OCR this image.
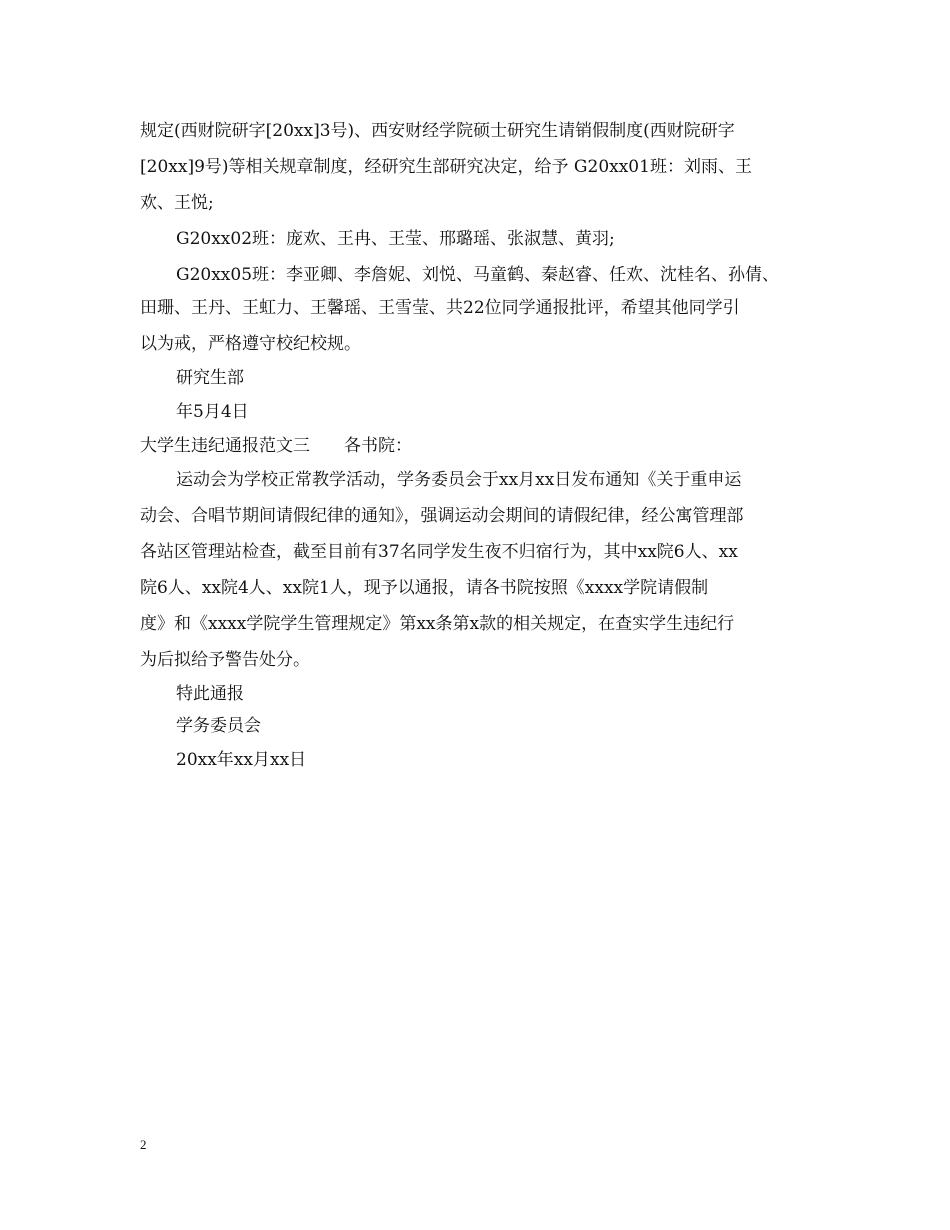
规定(西财院研字[20xx]3号)、西安财经学院硕士研究生请销假制度(西财院研字
[20xx]9号)等相关规章制度，经研究生部研究决定，给予 G20xx01班：刘雨、王
欢、王悦;
G20xx02班：庞欢、王冉、王莹、邢璐瑶、张淑慧、黄羽;
G20xx05班：李亚卿、李詹妮、刘悦、马童鹤、秦赵睿、任欢、沈桂名、孙倩、
田珊、王丹、王虹力、王馨瑶、王雪莹、共22位同学通报批评，希望其他同学引
以为戒，严格遵守校纪校规。
研究生部
年5月4日
大学生违纪通报范文三　　各书院：
运动会为学校正常教学活动，学务委员会于xx月xx日发布通知《关于重申运
动会、合唱节期间请假纪律的通知》，强调运动会期间的请假纪律，经公寓管理部
各站区管理站检查，截至目前有37名同学发生夜不归宿行为，其中xx院6人、xx
院6人、xx院4人、xx院1人，现予以通报，请各书院按照《xxxx学院请假制
度》和《xxxx学院学生管理规定》第xx条第x款的相关规定，在查实学生违纪行
为后拟给予警告处分。
特此通报
学务委员会
20xx年xx月xx日
2
